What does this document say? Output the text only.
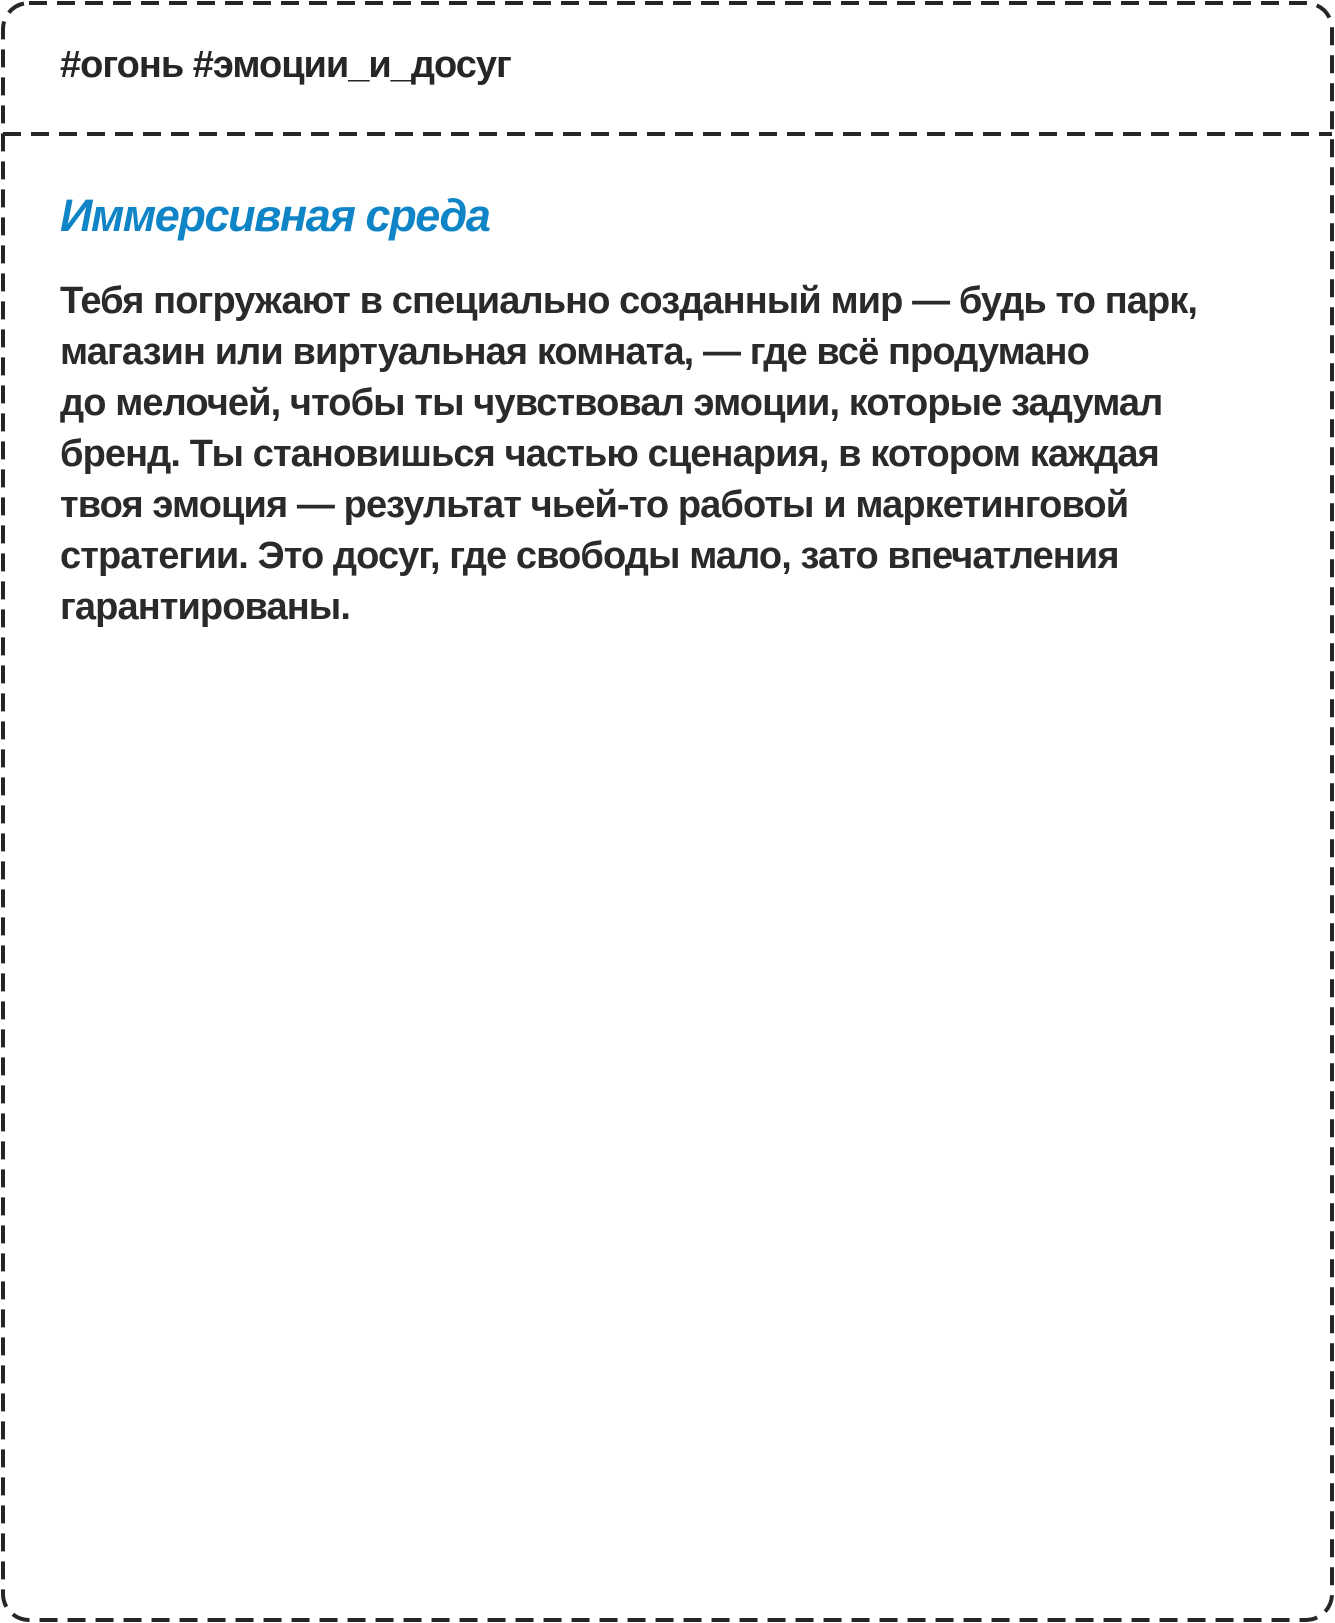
#огонь #эмоции_и_досуг

Иммерсивная среда

Тебя погружают в специально созданный мир — будь то парк,
магазин или виртуальная комната, — где всё продумано
до мелочей, чтобы ты чувствовал эмоции, которые задумал
бренд. Ты становишься частью сценария, в котором каждая
твоя эмоция — результат чьей-то работы и маркетинговой
стратегии. Это досуг, где свободы мало, зато впечатления
гарантированы.
